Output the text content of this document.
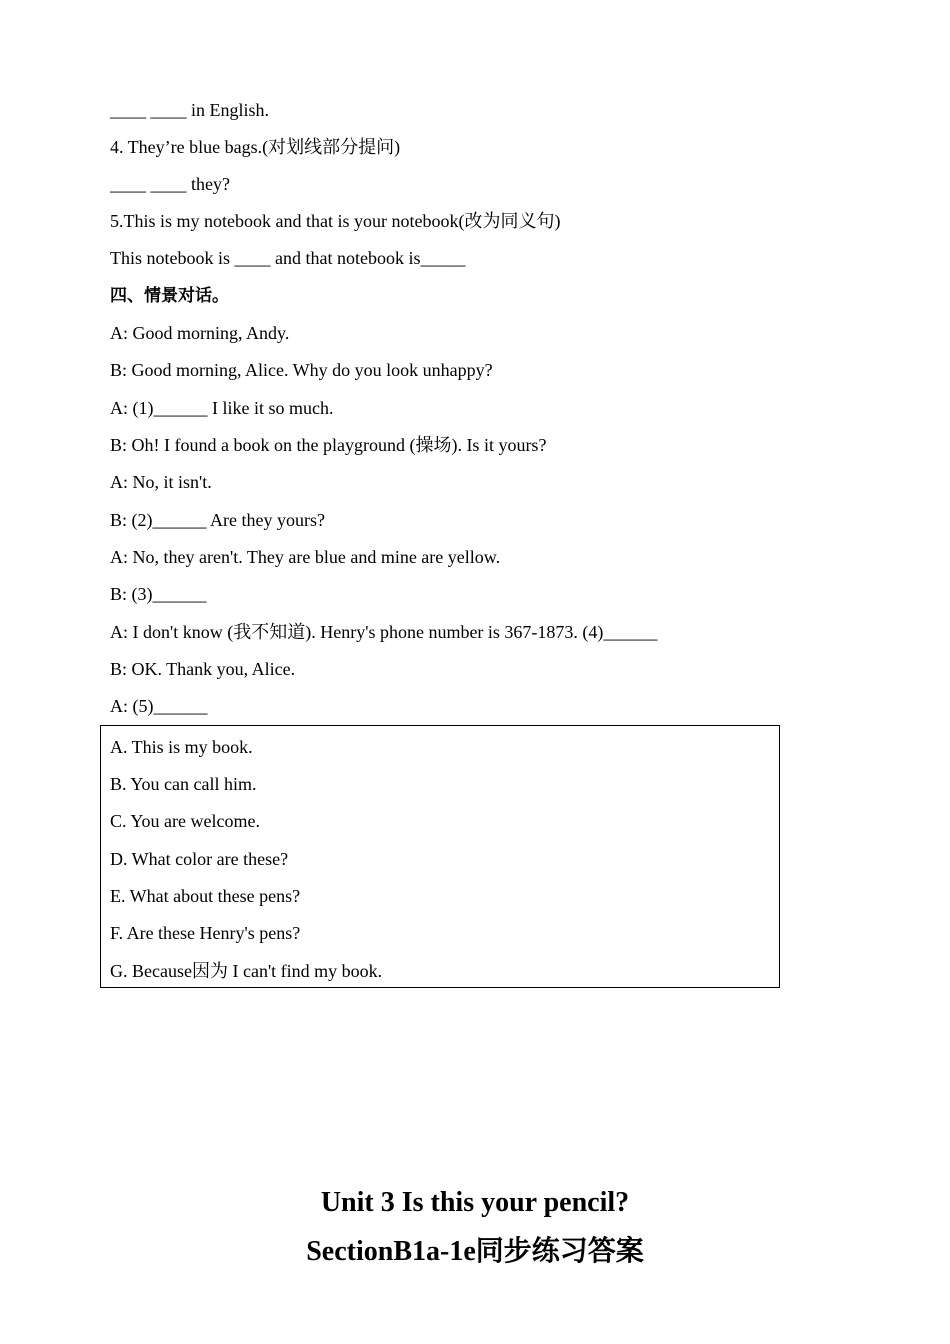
____ ____ in English.
4. They’re blue bags.(对划线部分提问)
____ ____ they?
5.This is my notebook and that is your notebook(改为同义句)
This notebook is ____ and that notebook is_____
四、情景对话。
A: Good morning, Andy.
B: Good morning, Alice. Why do you look unhappy?
A: (1)______ I like it so much.
B: Oh! I found a book on the playground (操场). Is it yours?
A: No, it isn't.
B: (2)______ Are they yours?
A: No, they aren't. They are blue and mine are yellow.
B: (3)______
A: I don't know (我不知道). Henry's phone number is 367-1873. (4)______
B: OK. Thank you, Alice.
A: (5)______
A. This is my book.
B. You can call him.
C. You are welcome.
D. What color are these?
E. What about these pens?
F. Are these Henry's pens?
G. Because因为 I can't find my book.
Unit 3 Is this your pencil?
SectionB1a-1e同步练习答案
